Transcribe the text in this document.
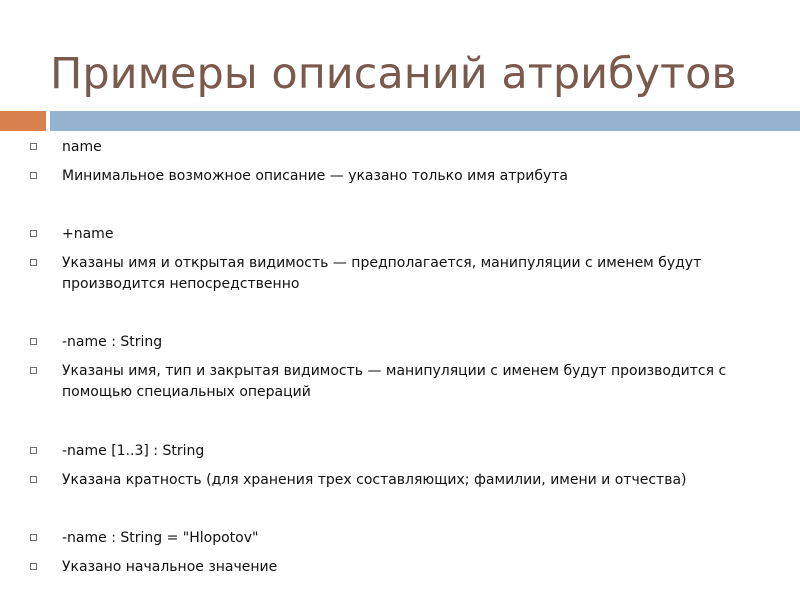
Примеры описаний атрибутов
name
Минимальное возможное описание — указано только имя атрибута
+name
Указаны имя и открытая видимость — предполагается, манипуляции с именем будут производится непосредственно
-name : String
Указаны имя, тип и закрытая видимость — манипуляции с именем будут производится с помощью специальных операций
-name [1..3] : String
Указана кратность (для хранения трех составляющих; фамилии, имени и отчества)
-name : String = "Hlopotov"
Указано начальное значение
